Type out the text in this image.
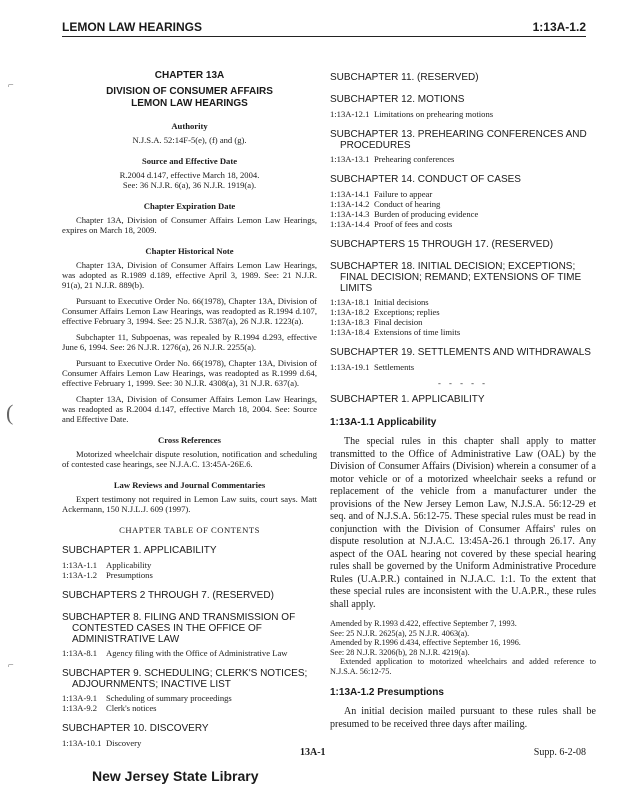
LEMON LAW HEARINGS	1:13A-1.2
⌐
(
⌐
CHAPTER 13A
DIVISION OF CONSUMER AFFAIRS
LEMON LAW HEARINGS
Authority
N.J.S.A. 52:14F-5(e), (f) and (g).
Source and Effective Date
R.2004 d.147, effective March 18, 2004.
See: 36 N.J.R. 6(a), 36 N.J.R. 1919(a).
Chapter Expiration Date

Chapter 13A, Division of Consumer Affairs Lemon Law Hearings, expires on March 18, 2009.

Chapter Historical Note

Chapter 13A, Division of Consumer Affairs Lemon Law Hearings, was adopted as R.1989 d.189, effective April 3, 1989. See: 21 N.J.R. 91(a), 21 N.J.R. 889(b).

Pursuant to Executive Order No. 66(1978), Chapter 13A, Division of Consumer Affairs Lemon Law Hearings, was readopted as R.1994 d.107, effective February 3, 1994. See: 25 N.J.R. 5387(a), 26 N.J.R. 1223(a).

Subchapter 11, Subpoenas, was repealed by R.1994 d.293, effective June 6, 1994. See: 26 N.J.R. 1276(a), 26 N.J.R. 2255(a).

Pursuant to Executive Order No. 66(1978), Chapter 13A, Division of Consumer Affairs Lemon Law Hearings, was readopted as R.1999 d.64, effective February 1, 1999. See: 30 N.J.R. 4308(a), 31 N.J.R. 637(a).

Chapter 13A, Division of Consumer Affairs Lemon Law Hearings, was readopted as R.2004 d.147, effective March 18, 2004. See: Source and Effective Date.

Cross References

Motorized wheelchair dispute resolution, notification and scheduling of contested case hearings, see N.J.A.C. 13:45A-26E.6.

Law Reviews and Journal Commentaries

Expert testimony not required in Lemon Law suits, court says. Matt Ackermann, 150 N.J.L.J. 609 (1997).

CHAPTER TABLE OF CONTENTS
SUBCHAPTER 1. APPLICABILITY
1:13A-1.1	Applicability
1:13A-1.2	Presumptions
SUBCHAPTERS 2 THROUGH 7. (RESERVED)
SUBCHAPTER 8. FILING AND TRANSMISSION OF CONTESTED CASES IN THE OFFICE OF ADMINISTRATIVE LAW
1:13A-8.1	Agency filing with the Office of Administrative Law
SUBCHAPTER 9. SCHEDULING; CLERK'S NOTICES; ADJOURNMENTS; INACTIVE LIST
1:13A-9.1	Scheduling of summary proceedings
1:13A-9.2	Clerk's notices
SUBCHAPTER 10. DISCOVERY
1:13A-10.1 Discovery
SUBCHAPTER 11. (RESERVED)
SUBCHAPTER 12. MOTIONS
1:13A-12.1 Limitations on prehearing motions
SUBCHAPTER 13. PREHEARING CONFERENCES AND PROCEDURES
1:13A-13.1 Prehearing conferences
SUBCHAPTER 14. CONDUCT OF CASES
1:13A-14.1 Failure to appear
1:13A-14.2 Conduct of hearing
1:13A-14.3 Burden of producing evidence
1:13A-14.4 Proof of fees and costs
SUBCHAPTERS 15 THROUGH 17. (RESERVED)
SUBCHAPTER 18. INITIAL DECISION; EXCEPTIONS; FINAL DECISION; REMAND; EXTENSIONS OF TIME LIMITS
1:13A-18.1 Initial decisions
1:13A-18.2 Exceptions; replies
1:13A-18.3 Final decision
1:13A-18.4 Extensions of time limits
SUBCHAPTER 19. SETTLEMENTS AND WITHDRAWALS
1:13A-19.1 Settlements
- - - - -
SUBCHAPTER 1. APPLICABILITY
1:13A-1.1 Applicability

The special rules in this chapter shall apply to matter transmitted to the Office of Administrative Law (OAL) by the Division of Consumer Affairs (Division) wherein a consumer of a motor vehicle or of a motorized wheelchair seeks a refund or replacement of the vehicle from a manufacturer under the provisions of the New Jersey Lemon Law, N.J.S.A. 56:12-29 et seq. and of N.J.S.A. 56:12-75. These special rules must be read in conjunction with the Division of Consumer Affairs' rules on dispute resolution at N.J.A.C. 13:45A-26.1 through 26.17. Any aspect of the OAL hearing not covered by these special hearing rules shall be governed by the Uniform Administrative Procedure Rules (U.A.P.R.) contained in N.J.A.C. 1:1. To the extent that these special rules are inconsistent with the U.A.P.R., these rules shall apply.

Amended by R.1993 d.422, effective September 7, 1993.

See: 25 N.J.R. 2625(a), 25 N.J.R. 4063(a).

Amended by R.1996 d.434, effective September 16, 1996.

See: 28 N.J.R. 3206(b), 28 N.J.R. 4219(a).

Extended application to motorized wheelchairs and added reference to N.J.S.A. 56:12-75.

1:13A-1.2 Presumptions

An initial decision mailed pursuant to these rules shall be presumed to be received three days after mailing.

13A-1	Supp. 6-2-08
New Jersey State Library
